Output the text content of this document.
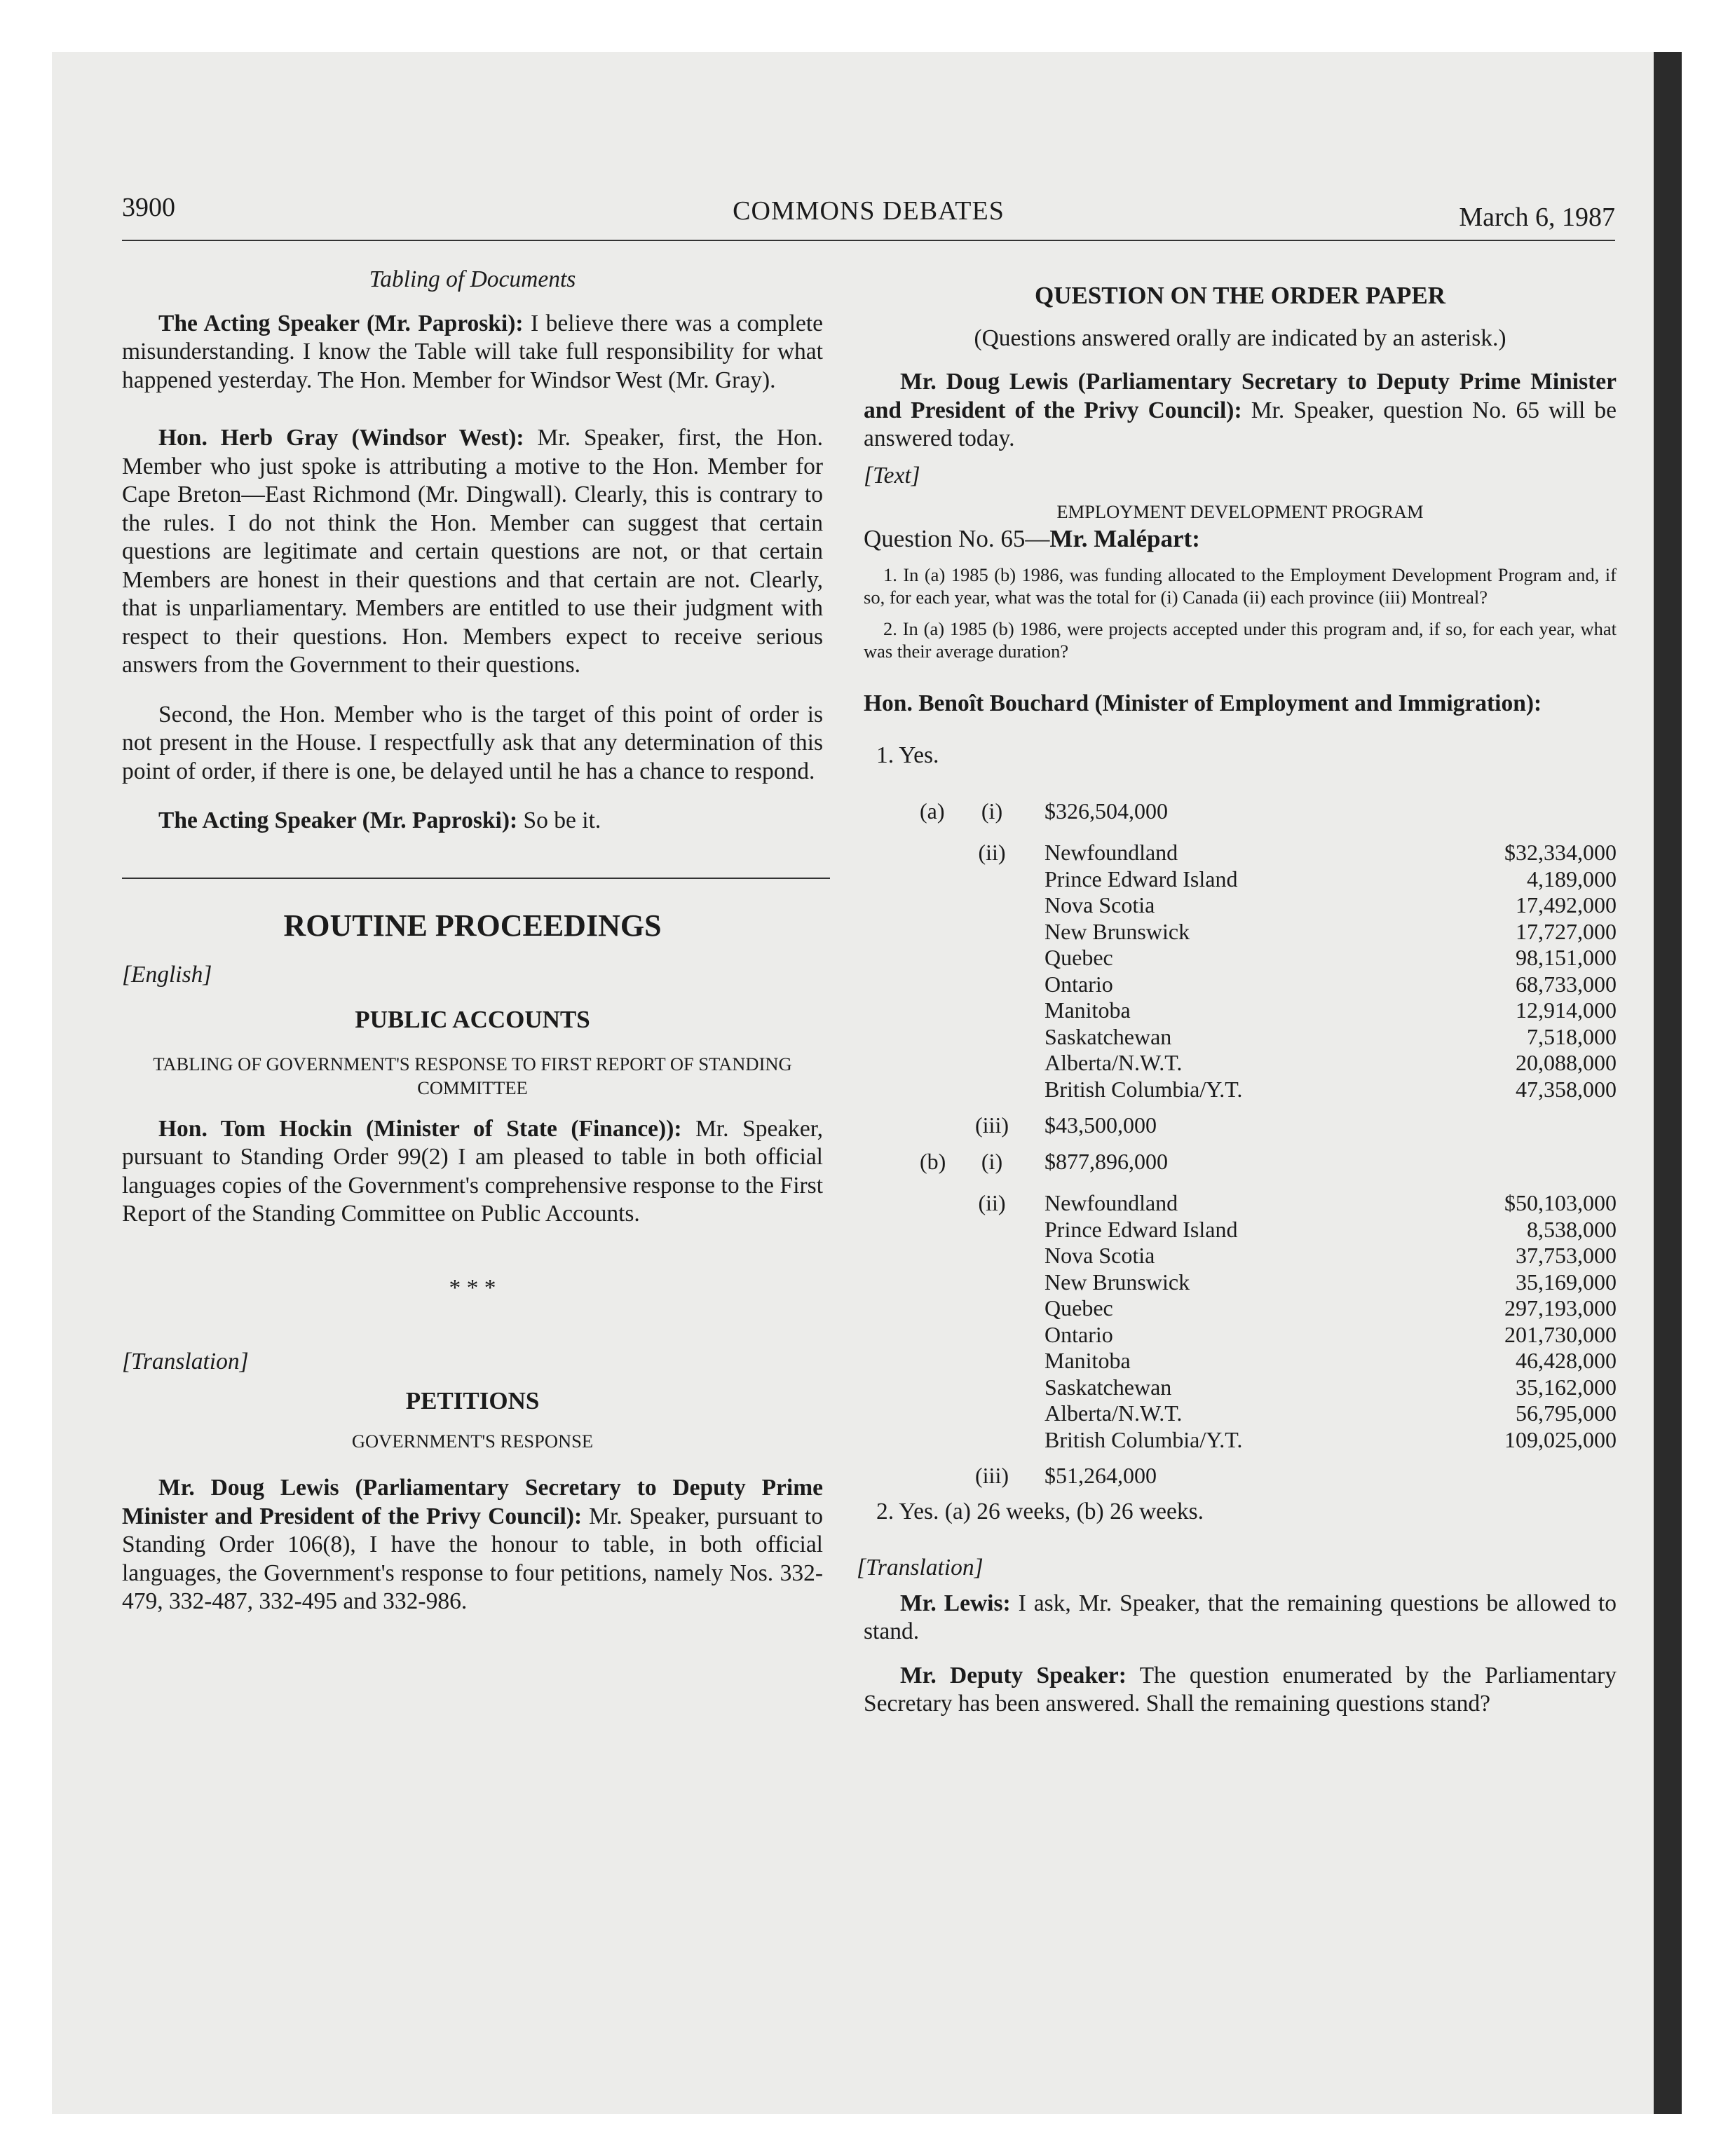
3900	COMMONS DEBATES	March 6, 1987

Tabling of Documents

The Acting Speaker (Mr. Paproski): I believe there was a complete misunderstanding. I know the Table will take full responsibility for what happened yesterday. The Hon. Member for Windsor West (Mr. Gray).

Hon. Herb Gray (Windsor West): Mr. Speaker, first, the Hon. Member who just spoke is attributing a motive to the Hon. Member for Cape Breton—East Richmond (Mr. Dingwall). Clearly, this is contrary to the rules. I do not think the Hon. Member can suggest that certain questions are legitimate and certain questions are not, or that certain Members are honest in their questions and that certain are not. Clearly, that is unparliamentary. Members are entitled to use their judgment with respect to their questions. Hon. Members expect to receive serious answers from the Government to their questions.

Second, the Hon. Member who is the target of this point of order is not present in the House. I respectfully ask that any determination of this point of order, if there is one, be delayed until he has a chance to respond.

The Acting Speaker (Mr. Paproski): So be it.

ROUTINE PROCEEDINGS

[English]

PUBLIC ACCOUNTS

TABLING OF GOVERNMENT'S RESPONSE TO FIRST REPORT OF STANDING COMMITTEE

Hon. Tom Hockin (Minister of State (Finance)): Mr. Speaker, pursuant to Standing Order 99(2) I am pleased to table in both official languages copies of the Government's comprehensive response to the First Report of the Standing Committee on Public Accounts.

* * *

[Translation]

PETITIONS

GOVERNMENT'S RESPONSE

Mr. Doug Lewis (Parliamentary Secretary to Deputy Prime Minister and President of the Privy Council): Mr. Speaker, pursuant to Standing Order 106(8), I have the honour to table, in both official languages, the Government's response to four petitions, namely Nos. 332-479, 332-487, 332-495 and 332-986.

QUESTION ON THE ORDER PAPER

(Questions answered orally are indicated by an asterisk.)

Mr. Doug Lewis (Parliamentary Secretary to Deputy Prime Minister and President of the Privy Council): Mr. Speaker, question No. 65 will be answered today.

[Text]

EMPLOYMENT DEVELOPMENT PROGRAM

Question No. 65—Mr. Malépart:

1. In (a) 1985 (b) 1986, was funding allocated to the Employment Development Program and, if so, for each year, what was the total for (i) Canada (ii) each province (iii) Montreal?

2. In (a) 1985 (b) 1986, were projects accepted under this program and, if so, for each year, what was their average duration?

Hon. Benoît Bouchard (Minister of Employment and Immigration):

1. Yes.

(a)	(i)	$326,504,000
(ii)	Newfoundland	$32,334,000
Prince Edward Island	4,189,000
Nova Scotia	17,492,000
New Brunswick	17,727,000
Quebec	98,151,000
Ontario	68,733,000
Manitoba	12,914,000
Saskatchewan	7,518,000
Alberta/N.W.T.	20,088,000
British Columbia/Y.T.	47,358,000
(iii)	$43,500,000
(b)	(i)	$877,896,000
(ii)	Newfoundland	$50,103,000
Prince Edward Island	8,538,000
Nova Scotia	37,753,000
New Brunswick	35,169,000
Quebec	297,193,000
Ontario	201,730,000
Manitoba	46,428,000
Saskatchewan	35,162,000
Alberta/N.W.T.	56,795,000
British Columbia/Y.T.	109,025,000
(iii)	$51,264,000

2. Yes. (a) 26 weeks, (b) 26 weeks.

[Translation]

Mr. Lewis: I ask, Mr. Speaker, that the remaining questions be allowed to stand.

Mr. Deputy Speaker: The question enumerated by the Parliamentary Secretary has been answered. Shall the remaining questions stand?
